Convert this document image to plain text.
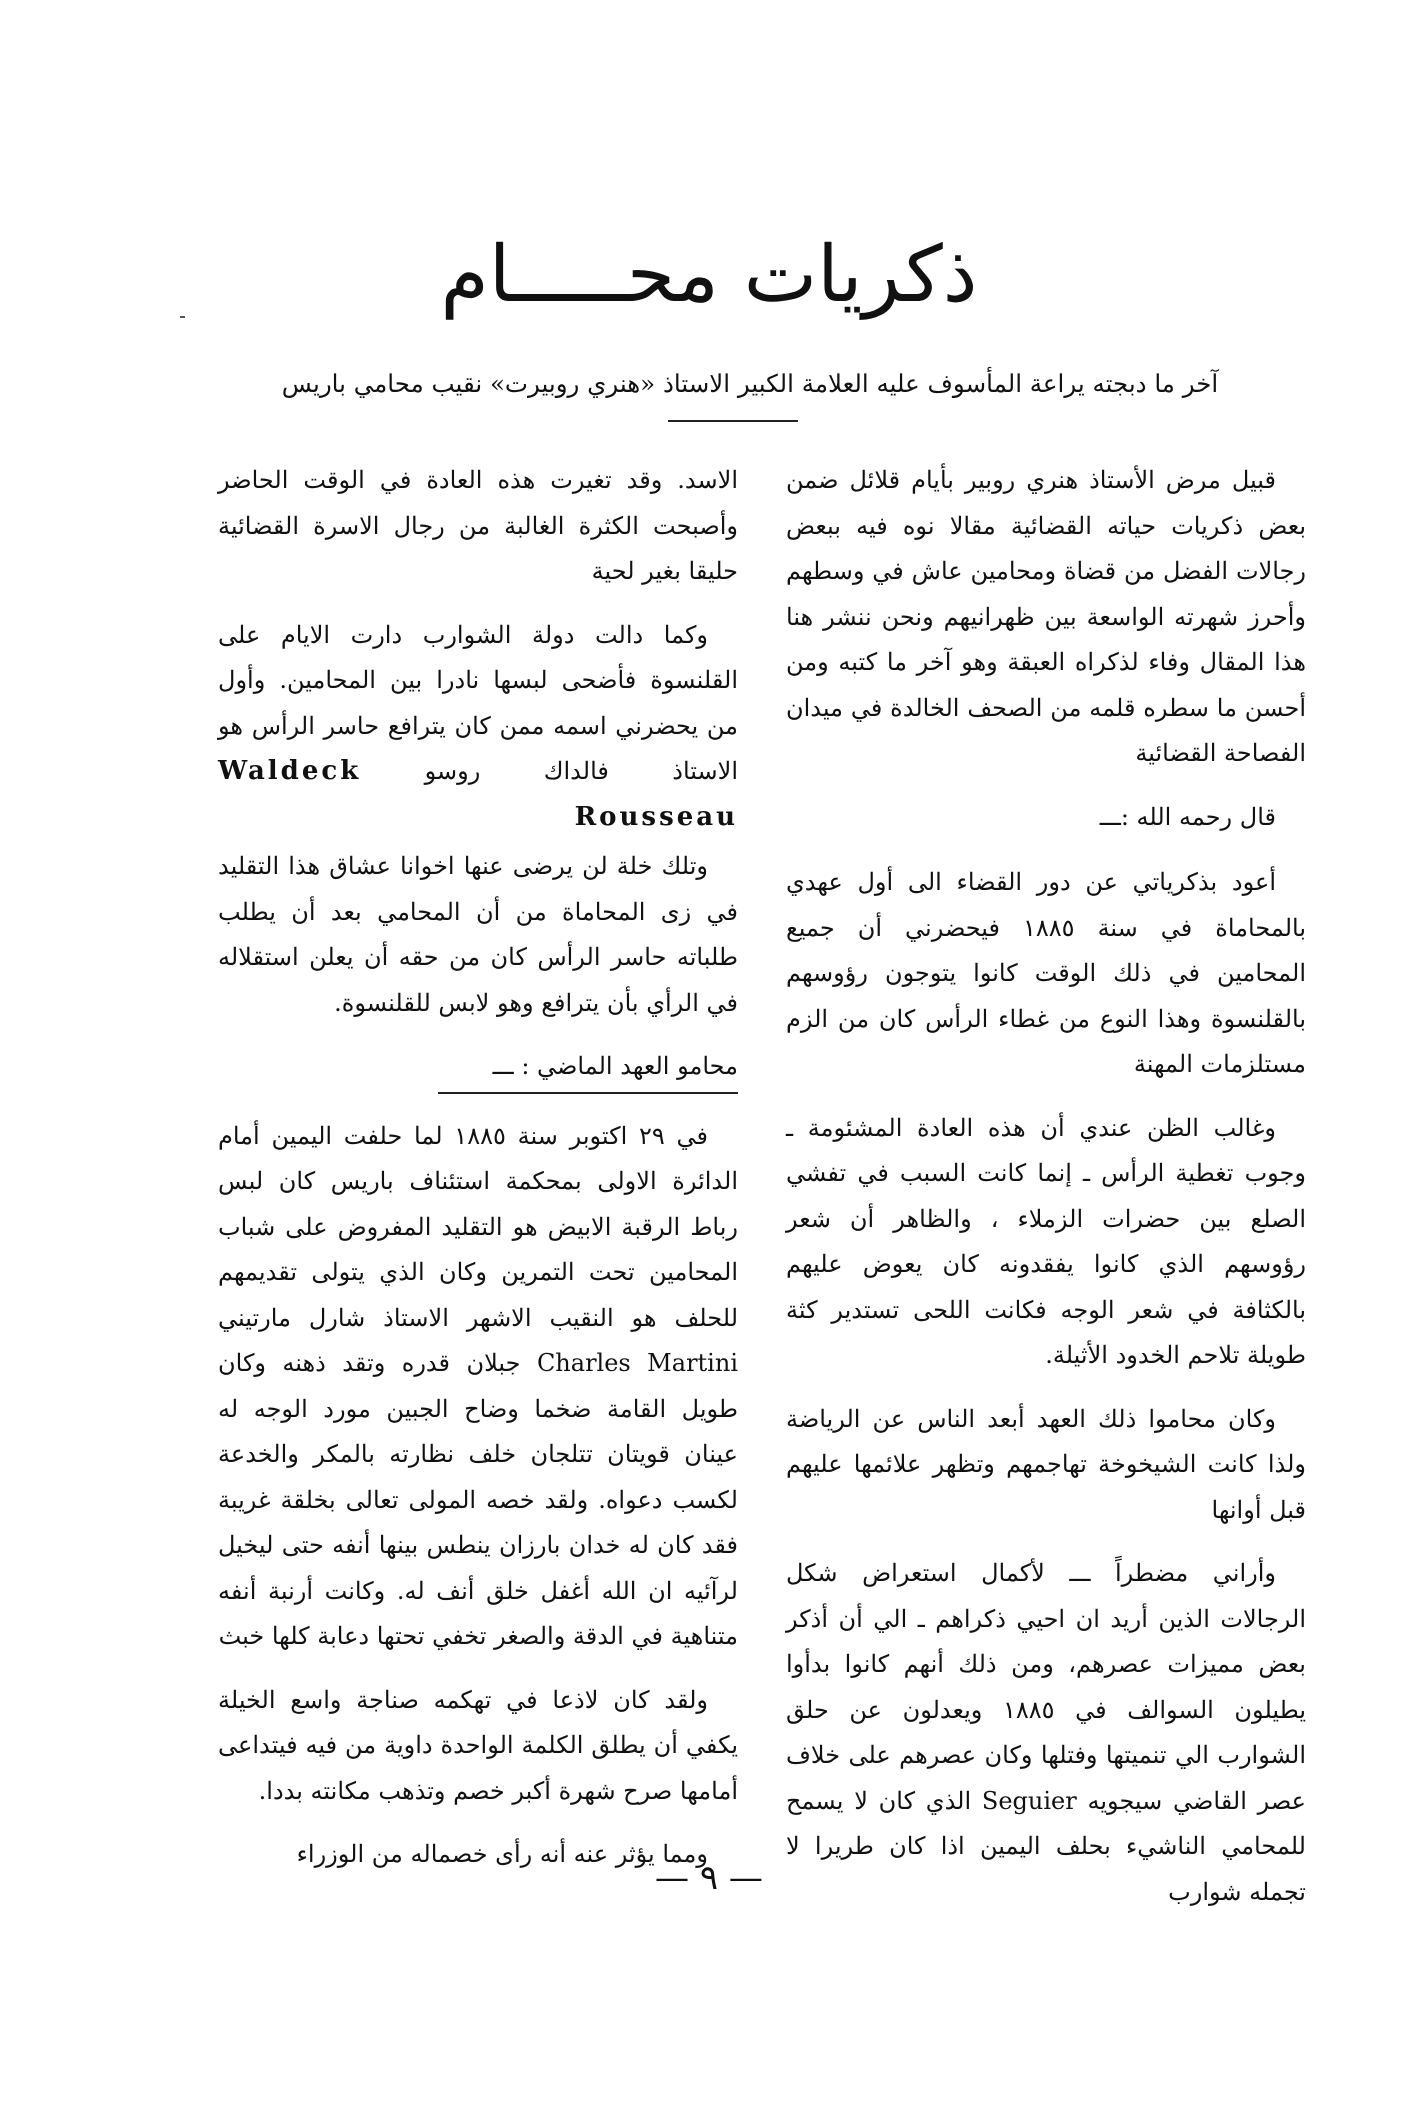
ذكريات محـــــام
آخر ما دبجته يراعة المأسوف عليه العلامة الكبير الاستاذ «هنري روبيرت» نقيب محامي باريس

قبيل مرض الأستاذ هنري روبير بأيام قلائل ضمن بعض ذكريات حياته القضائية مقالا نوه فيه ببعض رجالات الفضل من قضاة ومحامين عاش في وسطهم وأحرز شهرته الواسعة بين ظهرانيهم ونحن ننشر هنا هذا المقال وفاء لذكراه العبقة وهو آخر ما كتبه ومن أحسن ما سطره قلمه من الصحف الخالدة في ميدان الفصاحة القضائية

قال رحمه الله :ـــ

أعود بذكرياتي عن دور القضاء الى أول عهدي بالمحاماة في سنة ١٨٨٥ فيحضرني أن جميع المحامين في ذلك الوقت كانوا يتوجون رؤوسهم بالقلنسوة وهذا النوع من غطاء الرأس كان من الزم مستلزمات المهنة

وغالب الظن عندي أن هذه العادة المشئومة ـ وجوب تغطية الرأس ـ إنما كانت السبب في تفشي الصلع بين حضرات الزملاء ، والظاهر أن شعر رؤوسهم الذي كانوا يفقدونه كان يعوض عليهم بالكثافة في شعر الوجه فكانت اللحى تستدير كثة طويلة تلاحم الخدود الأثيلة.

وكان محاموا ذلك العهد أبعد الناس عن الرياضة ولذا كانت الشيخوخة تهاجمهم وتظهر علائمها عليهم قبل أوانها

وأراني مضطراً ـــ لأكمال استعراض شكل الرجالات الذين أريد ان احيي ذكراهم ـ الي أن أذكر بعض مميزات عصرهم، ومن ذلك أنهم كانوا بدأوا يطيلون السوالف في ١٨٨٥ ويعدلون عن حلق الشوارب الي تنميتها وفتلها وكان عصرهم على خلاف عصر القاضي سيجويه Seguier الذي كان لا يسمح للمحامي الناشيء بحلف اليمين اذا كان طريرا لا تجمله شوارب

الاسد. وقد تغيرت هذه العادة في الوقت الحاضر وأصبحت الكثرة الغالبة من رجال الاسرة القضائية حليقا بغير لحية

وكما دالت دولة الشوارب دارت الايام على القلنسوة فأضحى لبسها نادرا بين المحامين. وأول من يحضرني اسمه ممن كان يترافع حاسر الرأس هو الاستاذ فالداك روسو Waldeck Rousseau

وتلك خلة لن يرضى عنها اخوانا عشاق هذا التقليد في زى المحاماة من أن المحامي بعد أن يطلب طلباته حاسر الرأس كان من حقه أن يعلن استقلاله في الرأي بأن يترافع وهو لابس للقلنسوة.

محامو العهد الماضي : ـــ

في ٢٩ اكتوبر سنة ١٨٨٥ لما حلفت اليمين أمام الدائرة الاولى بمحكمة استئناف باريس كان لبس رباط الرقبة الابيض هو التقليد المفروض على شباب المحامين تحت التمرين وكان الذي يتولى تقديمهم للحلف هو النقيب الاشهر الاستاذ شارل مارتيني Charles Martini جبلان قدره وتقد ذهنه وكان طويل القامة ضخما وضاح الجبين مورد الوجه له عينان قويتان تتلجان خلف نظارته بالمكر والخدعة لكسب دعواه. ولقد خصه المولى تعالى بخلقة غريبة فقد كان له خدان بارزان ينطس بينها أنفه حتى ليخيل لرآئيه ان الله أغفل خلق أنف له. وكانت أرنبة أنفه متناهية في الدقة والصغر تخفي تحتها دعابة كلها خبث

ولقد كان لاذعا في تهكمه صناجة واسع الخيلة يكفي أن يطلق الكلمة الواحدة داوية من فيه فيتداعى أمامها صرح شهرة أكبر خصم وتذهب مكانته بددا.

ومما يؤثر عنه أنه رأى خصماله من الوزراء

— ٩ —
